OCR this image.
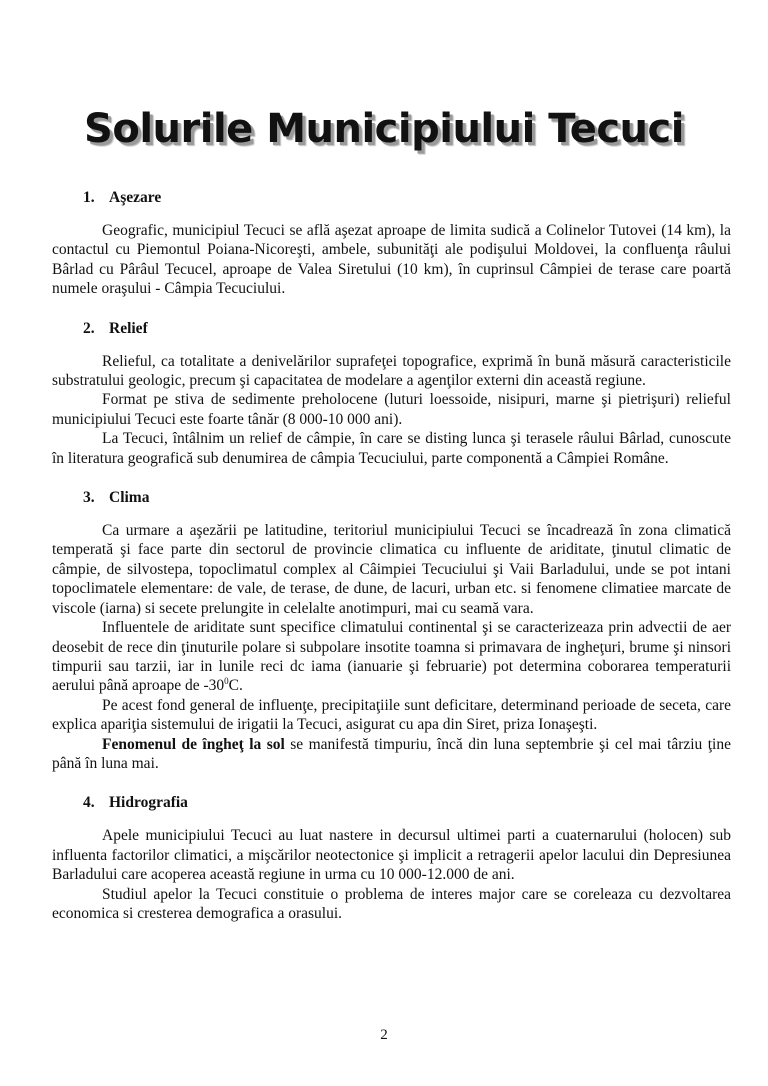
Solurile Municipiului Tecuci
1. Aşezare

Geografic, municipiul Tecuci se află aşezat aproape de limita sudică a Colinelor Tutovei (14 km), la contactul cu Piemontul Poiana-Nicoreşti, ambele, subunităţi ale podişului Moldovei, la confluenţa râului Bârlad cu Pârâul Tecucel, aproape de Valea Siretului (10 km), în cuprinsul Câmpiei de terase care poartă numele oraşului - Câmpia Tecuciului.

2. Relief

Relieful, ca totalitate a denivelărilor suprafeţei topografice, exprimă în bună măsură caracteristicile substratului geologic, precum şi capacitatea de modelare a agenţilor externi din această regiune.

Format pe stiva de sedimente preholocene (luturi loessoide, nisipuri, marne şi pietrişuri) relieful municipiului Tecuci este foarte tânăr (8 000-10 000 ani).

La Tecuci, întâlnim un relief de câmpie, în care se disting lunca şi terasele râului Bârlad, cunoscute în literatura geografică sub denumirea de câmpia Tecuciului, parte componentă a Câmpiei Române.

3. Clima

Ca urmare a aşezării pe latitudine, teritoriul municipiului Tecuci se încadrează în zona climatică temperată şi face parte din sectorul de provincie climatica cu influente de ariditate, ţinutul climatic de câmpie, de silvostepa, topoclimatul complex al Câimpiei Tecuciului şi Vaii Barladului, unde se pot intani topoclimatele elementare: de vale, de terase, de dune, de lacuri, urban etc. si fenomene climatiee marcate de viscole (iarna) si secete prelungite in celelalte anotimpuri, mai cu seamă vara.

Influentele de ariditate sunt specifice climatului continental şi se caracterizeaza prin advectii de aer deosebit de rece din ţinuturile polare si subpolare insotite toamna si primavara de ingheţuri, brume şi ninsori timpurii sau tarzii, iar in lunile reci dc iama (ianuarie şi februarie) pot determina coborarea temperaturii aerului până aproape de $-30^0C$.

Pe acest fond general de influenţe, precipitaţiile sunt deficitare, determinand perioade de seceta, care explica apariţia sistemului de irigatii la Tecuci, asigurat cu apa din Siret, priza Ionaşeşti.

Fenomenul de îngheţ la sol se manifestă timpuriu, încă din luna septembrie şi cel mai târziu ţine până în luna mai.

4. Hidrografia

Apele municipiului Tecuci au luat nastere in decursul ultimei parti a cuaternarului (holocen) sub influenta factorilor climatici, a mişcărilor neotectonice şi implicit a retragerii apelor lacului din Depresiunea Barladului care acoperea această regiune in urma cu 10 000-12.000 de ani.

Studiul apelor la Tecuci constituie o problema de interes major care se coreleaza cu dezvoltarea economica si cresterea demografica a orasului.

2
